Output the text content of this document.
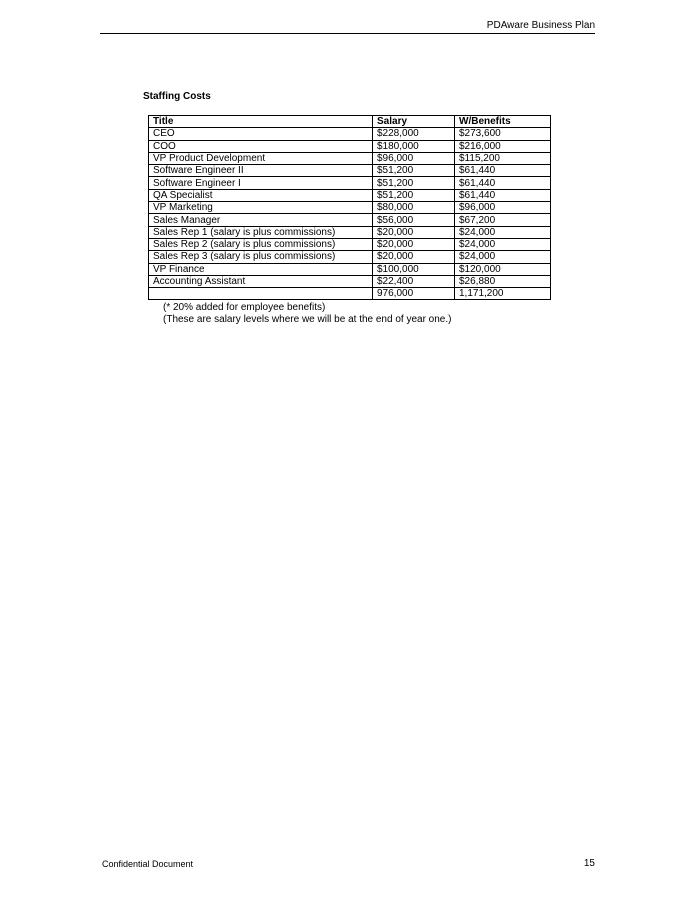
PDAware Business Plan
Staffing Costs
Title	Salary	W/Benefits
CEO	$228,000	$273,600
COO	$180,000	$216,000
VP Product Development	$96,000	$115,200
Software Engineer II	$51,200	$61,440
Software Engineer I	$51,200	$61,440
QA Specialist	$51,200	$61,440
VP Marketing	$80,000	$96,000
Sales Manager	$56,000	$67,200
Sales Rep 1 (salary is plus commissions)	$20,000	$24,000
Sales Rep 2 (salary is plus commissions)	$20,000	$24,000
Sales Rep 3 (salary is plus commissions)	$20,000	$24,000
VP Finance	$100,000	$120,000
Accounting Assistant	$22,400	$26,880
	976,000	1,171,200
(* 20% added for employee benefits)
(These are salary levels where we will be at the end of year one.)
Confidential Document	15
